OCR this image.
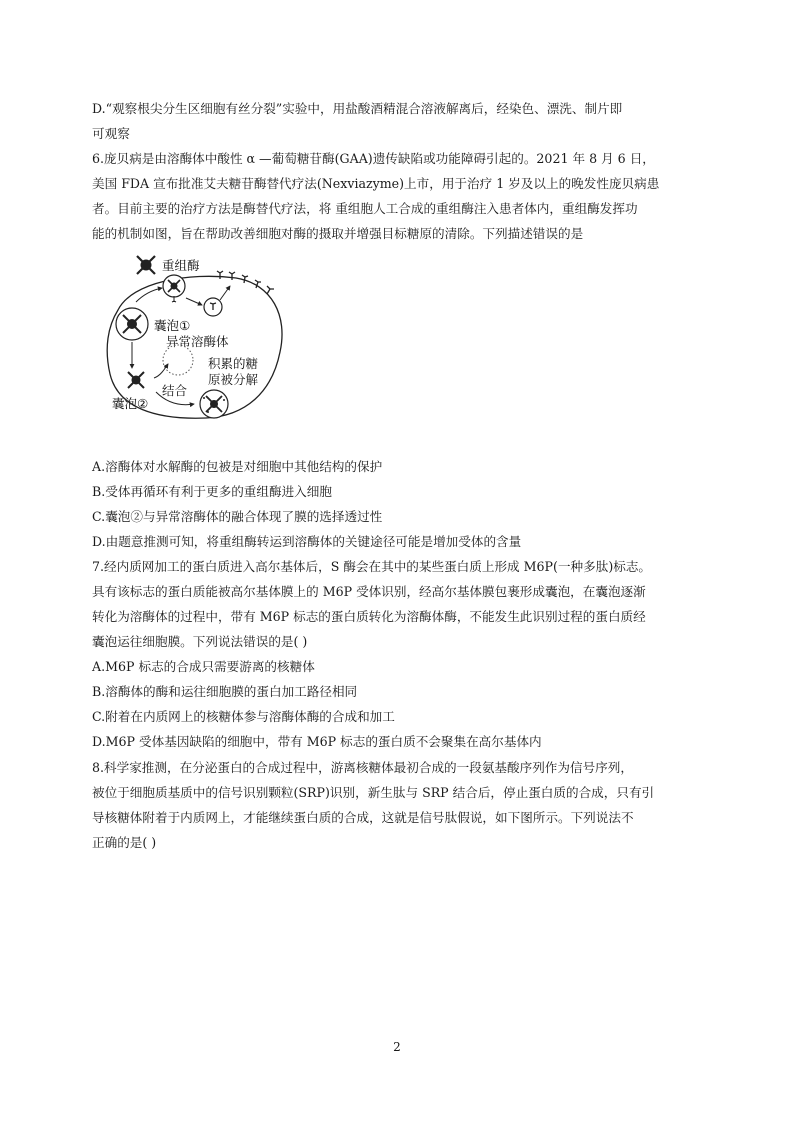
D.“观察根尖分生区细胞有丝分裂”实验中，用盐酸酒精混合溶液解离后，经染色、漂洗、制片即
可观察
6.庞贝病是由溶酶体中酸性 α —葡萄糖苷酶(GAA)遗传缺陷或功能障碍引起的。2021 年 8 月 6 日，
美国 FDA 宣布批准艾夫糖苷酶替代疗法(Nexviazyme)上市，用于治疗 1 岁及以上的晚发性庞贝病患
者。目前主要的治疗方法是酶替代疗法，将 重组胞人工合成的重组酶注入患者体内，重组酶发挥功
能的机制如图，旨在帮助改善细胞对酶的摄取并增强目标糖原的清除。下列描述错误的是
重组酶
囊泡①
异常溶酶体
囊泡②
结合
积累的糖
原被分解
A.溶酶体对水解酶的包被是对细胞中其他结构的保护
B.受体再循环有利于更多的重组酶进入细胞
C.囊泡②与异常溶酶体的融合体现了膜的选择透过性
D.由题意推测可知，将重组酶转运到溶酶体的关键途径可能是增加受体的含量
7.经内质网加工的蛋白质进入高尔基体后，S 酶会在其中的某些蛋白质上形成 M6P(一种多肽)标志。
具有该标志的蛋白质能被高尔基体膜上的 M6P 受体识别，经高尔基体膜包裹形成囊泡，在囊泡逐渐
转化为溶酶体的过程中，带有 M6P 标志的蛋白质转化为溶酶体酶，不能发生此识别过程的蛋白质经
囊泡运往细胞膜。下列说法错误的是( )
A.M6P 标志的合成只需要游离的核糖体
B.溶酶体的酶和运往细胞膜的蛋白加工路径相同
C.附着在内质网上的核糖体参与溶酶体酶的合成和加工
D.M6P 受体基因缺陷的细胞中，带有 M6P 标志的蛋白质不会聚集在高尔基体内
8.科学家推测，在分泌蛋白的合成过程中，游离核糖体最初合成的一段氨基酸序列作为信号序列，
被位于细胞质基质中的信号识别颗粒(SRP)识别，新生肽与 SRP 结合后，停止蛋白质的合成，只有引
导核糖体附着于内质网上，才能继续蛋白质的合成，这就是信号肽假说，如下图所示。下列说法不
正确的是( )
2
